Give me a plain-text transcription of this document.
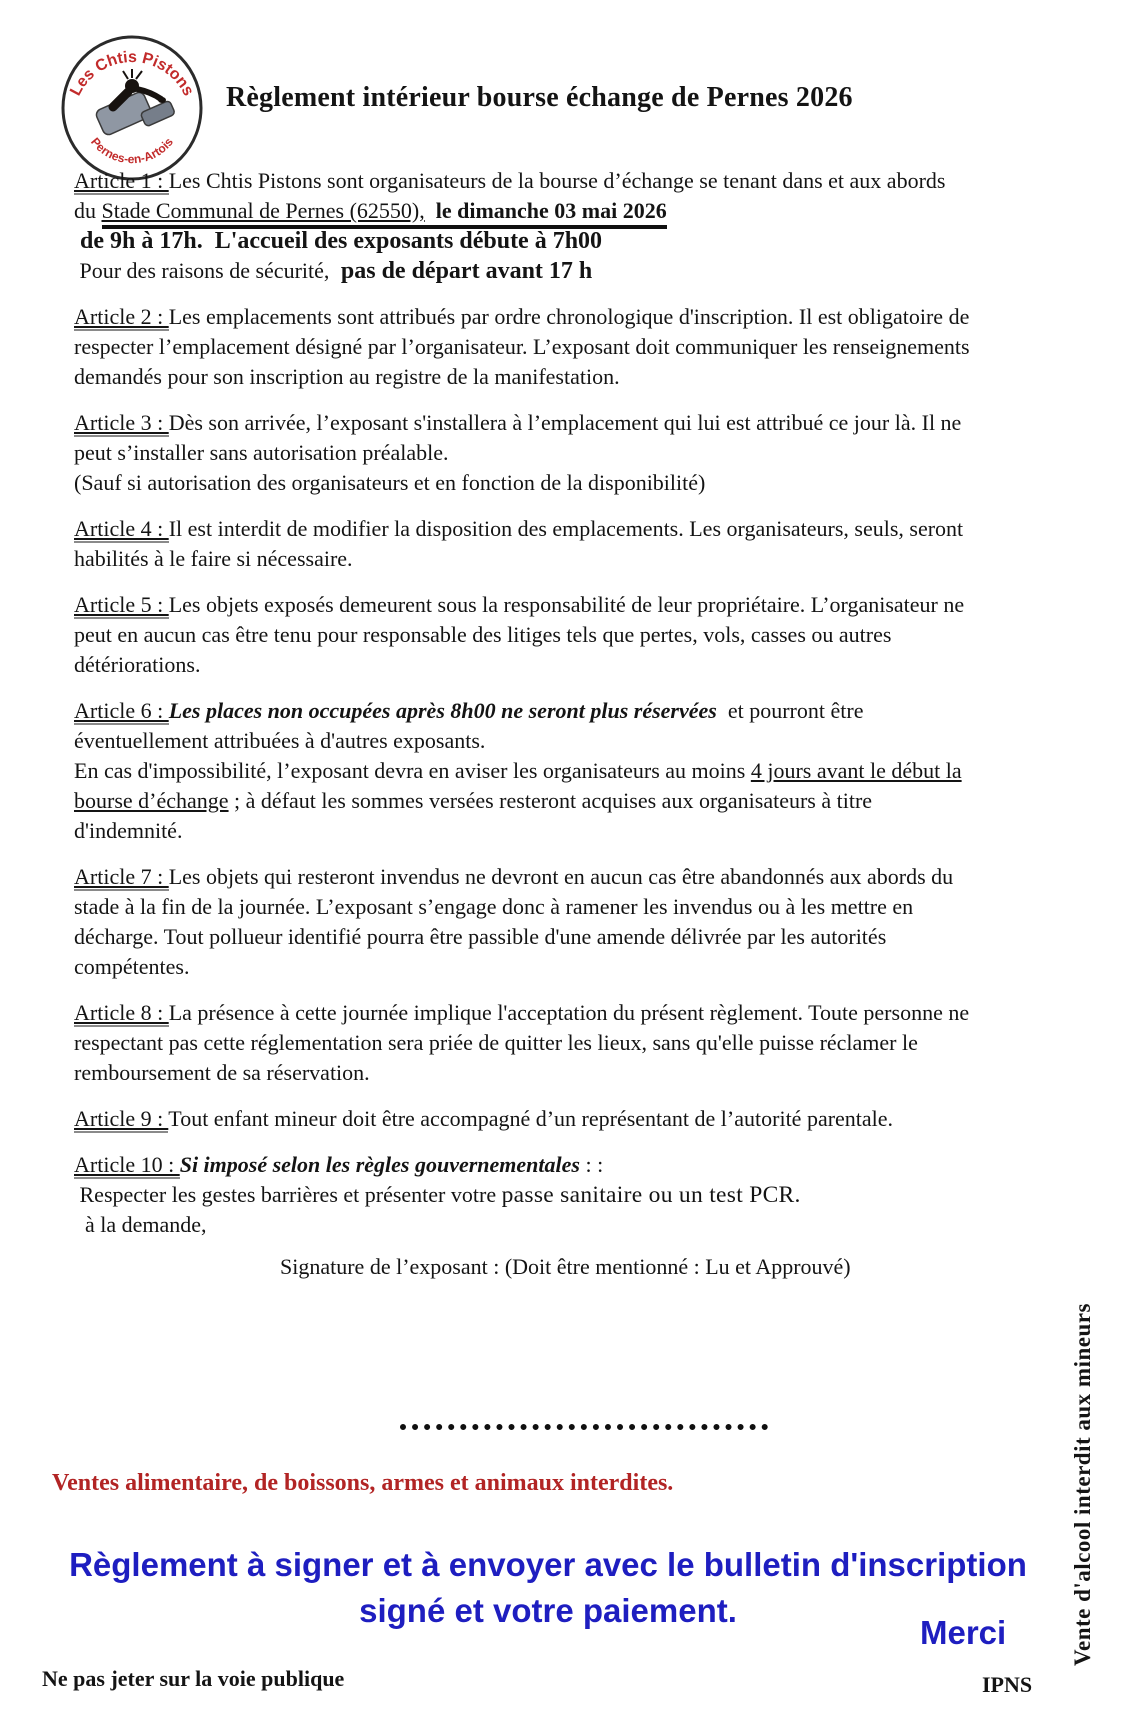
Les Chtis Pistons
Pernes-en-Artois
Règlement intérieur bourse échange de Pernes 2026
Article 1 : Les Chtis Pistons sont organisateurs de la bourse d’échange se tenant dans et aux abords du Stade Communal de Pernes (62550), le dimanche 03 mai 2026
de 9h à 17h.  L'accueil des exposants débute à 7h00
Pour des raisons de sécurité,  pas de départ avant 17 h
Article 2 : Les emplacements sont attribués par ordre chronologique d'inscription. Il est obligatoire de respecter l’emplacement désigné par l’organisateur. L’exposant doit communiquer les renseignements demandés pour son inscription au registre de la manifestation.
Article 3 : Dès son arrivée, l’exposant s'installera à l’emplacement qui lui est attribué ce jour là. Il ne peut s’installer sans autorisation préalable.
(Sauf si autorisation des organisateurs et en fonction de la disponibilité)
Article 4 : Il est interdit de modifier la disposition des emplacements. Les organisateurs, seuls, seront habilités à le faire si nécessaire.
Article 5 : Les objets exposés demeurent sous la responsabilité de leur propriétaire. L’organisateur ne peut en aucun cas être tenu pour responsable des litiges tels que pertes, vols, casses ou autres détériorations.
Article 6 : Les places non occupées après 8h00 ne seront plus réservées  et pourront être éventuellement attribuées à d'autres exposants.
En cas d'impossibilité, l’exposant devra en aviser les organisateurs au moins 4 jours avant le début la bourse d’échange ; à défaut les sommes versées resteront acquises aux organisateurs à titre d'indemnité.
Article 7 : Les objets qui resteront invendus ne devront en aucun cas être abandonnés aux abords du stade à la fin de la journée. L’exposant s’engage donc à ramener les invendus ou à les mettre en décharge. Tout pollueur identifié pourra être passible d'une amende délivrée par les autorités compétentes.
Article 8 : La présence à cette journée implique l'acceptation du présent règlement. Toute personne ne respectant pas cette réglementation sera priée de quitter les lieux, sans qu'elle puisse réclamer le remboursement de sa réservation.
Article 9 : Tout enfant mineur doit être accompagné d’un représentant de l’autorité parentale.
Article 10 : Si imposé selon les règles gouvernementales : :
Respecter les gestes barrières et présenter votre passe sanitaire ou un test PCR.
à la demande,
Signature de l’exposant : (Doit être mentionné : Lu et Approuvé)
Ventes alimentaire, de boissons, armes et animaux interdites.
Règlement à signer et à envoyer avec le bulletin d'inscription
signé et votre paiement.
Merci	Vente d'alcool interdit aux mineurs
Ne pas jeter sur la voie publique	IPNS
